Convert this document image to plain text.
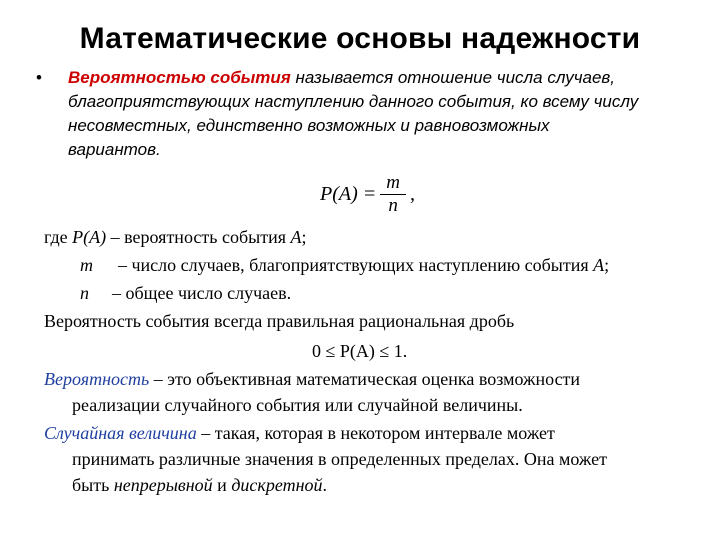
Математические основы надежности
•	Вероятностью события называется отношение числа случаев,
благоприятствующих наступлению данного события, ко всему числу
несовместных, единственно возможных и равновозможных
вариантов.
$P(A) = \frac{m}{n}$ ,
где P(A) – вероятность события A;
m – число случаев, благоприятствующих наступлению события A;
n – общее число случаев.
Вероятность события всегда правильная рациональная дробь
0 ≤ P(A) ≤ 1.
Вероятность – это объективная математическая оценка возможности
реализации случайного события или случайной величины.
Случайная величина – такая, которая в некотором интервале может
принимать различные значения в определенных пределах. Она может
быть непрерывной и дискретной.
